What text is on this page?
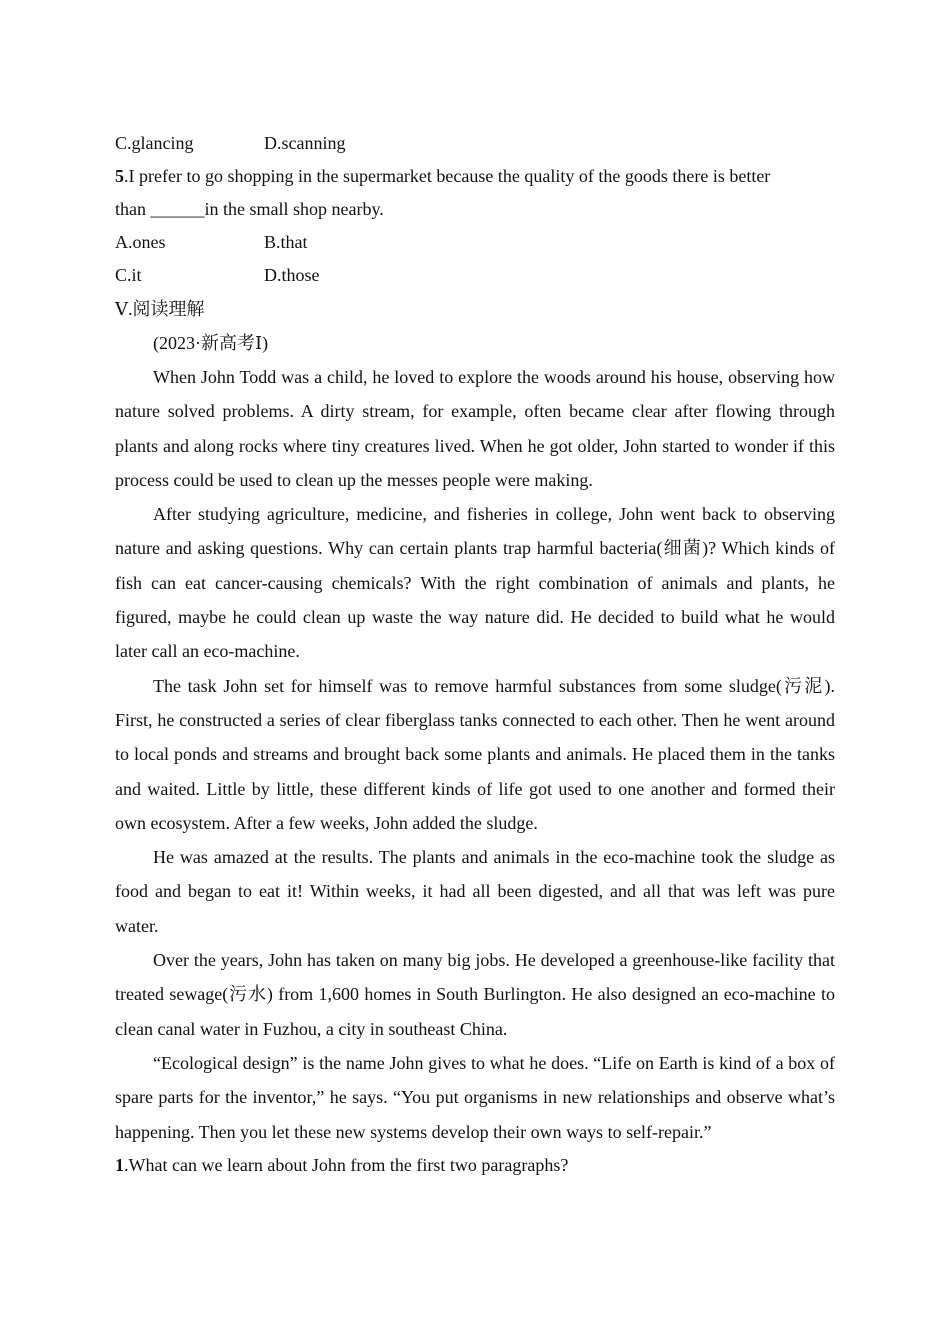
C.glancing	D.scanning
5.I prefer to go shopping in the supermarket because the quality of the goods there is better
than ______in the small shop nearby.
A.ones	B.that
C.it	D.those
Ⅴ.阅读理解
(2023·新高考Ⅰ)

When John Todd was a child, he loved to explore the woods around his house, observing how nature solved problems. A dirty stream, for example, often became clear after flowing through plants and along rocks where tiny creatures lived. When he got older, John started to wonder if this process could be used to clean up the messes people were making.

After studying agriculture, medicine, and fisheries in college, John went back to observing nature and asking questions. Why can certain plants trap harmful bacteria(细菌)? Which kinds of fish can eat cancer-causing chemicals? With the right combination of animals and plants, he figured, maybe he could clean up waste the way nature did. He decided to build what he would later call an eco-machine.

The task John set for himself was to remove harmful substances from some sludge(污泥). First, he constructed a series of clear fiberglass tanks connected to each other. Then he went around to local ponds and streams and brought back some plants and animals. He placed them in the tanks and waited. Little by little, these different kinds of life got used to one another and formed their own ecosystem. After a few weeks, John added the sludge.

He was amazed at the results. The plants and animals in the eco-machine took the sludge as food and began to eat it! Within weeks, it had all been digested, and all that was left was pure water.

Over the years, John has taken on many big jobs. He developed a greenhouse-like facility that treated sewage(污水) from 1,600 homes in South Burlington. He also designed an eco-machine to clean canal water in Fuzhou, a city in southeast China.

“Ecological design” is the name John gives to what he does. “Life on Earth is kind of a box of spare parts for the inventor,” he says. “You put organisms in new relationships and observe what’s happening. Then you let these new systems develop their own ways to self-repair.”

1.What can we learn about John from the first two paragraphs?
